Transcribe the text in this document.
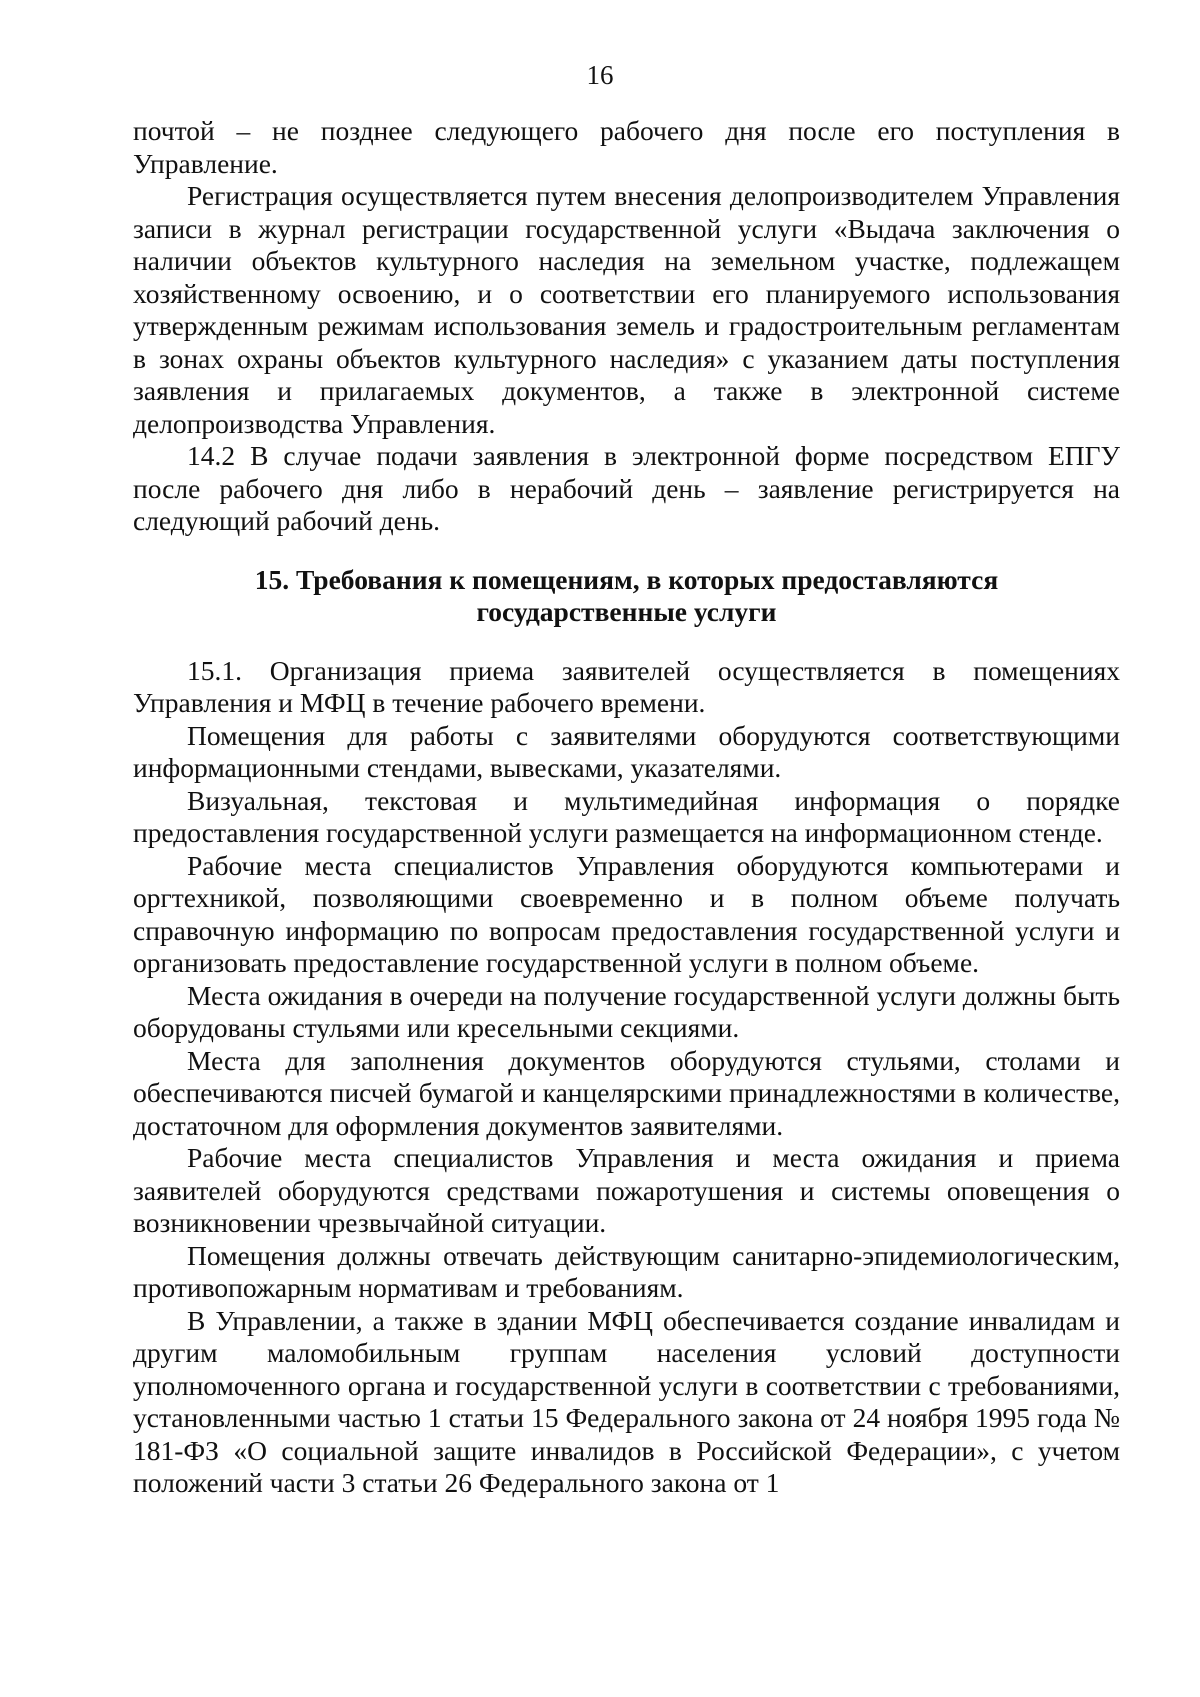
16

почтой – не позднее следующего рабочего дня после его поступления в Управление.

Регистрация осуществляется путем внесения делопроизводителем Управления записи в журнал регистрации государственной услуги «Выдача заключения о наличии объектов культурного наследия на земельном участке, подлежащем хозяйственному освоению, и о соответствии его планируемого использования утвержденным режимам использования земель и градостроительным регламентам в зонах охраны объектов культурного наследия» с указанием даты поступления заявления и прилагаемых документов, а также в электронной системе делопроизводства Управления.

14.2 В случае подачи заявления в электронной форме посредством ЕПГУ после рабочего дня либо в нерабочий день – заявление регистрируется на следующий рабочий день.

15. Требования к помещениям, в которых предоставляются
государственные услуги

15.1. Организация приема заявителей осуществляется в помещениях Управления и МФЦ в течение рабочего времени.

Помещения для работы с заявителями оборудуются соответствующими информационными стендами, вывесками, указателями.

Визуальная, текстовая и мультимедийная информация о порядке предоставления государственной услуги размещается на информационном стенде.

Рабочие места специалистов Управления оборудуются компьютерами и оргтехникой, позволяющими своевременно и в полном объеме получать справочную информацию по вопросам предоставления государственной услуги и организовать предоставление государственной услуги в полном объеме.

Места ожидания в очереди на получение государственной услуги должны быть оборудованы стульями или кресельными секциями.

Места для заполнения документов оборудуются стульями, столами и обеспечиваются писчей бумагой и канцелярскими принадлежностями в количестве, достаточном для оформления документов заявителями.

Рабочие места специалистов Управления и места ожидания и приема заявителей оборудуются средствами пожаротушения и системы оповещения о возникновении чрезвычайной ситуации.

Помещения должны отвечать действующим санитарно-эпидемиологическим, противопожарным нормативам и требованиям.

В Управлении, а также в здании МФЦ обеспечивается создание инвалидам и другим маломобильным группам населения условий доступности уполномоченного органа и государственной услуги в соответствии с требованиями, установленными частью 1 статьи 15 Федерального закона от 24 ноября 1995 года № 181-ФЗ «О социальной защите инвалидов в Российской Федерации», с учетом положений части 3 статьи 26 Федерального закона от 1
